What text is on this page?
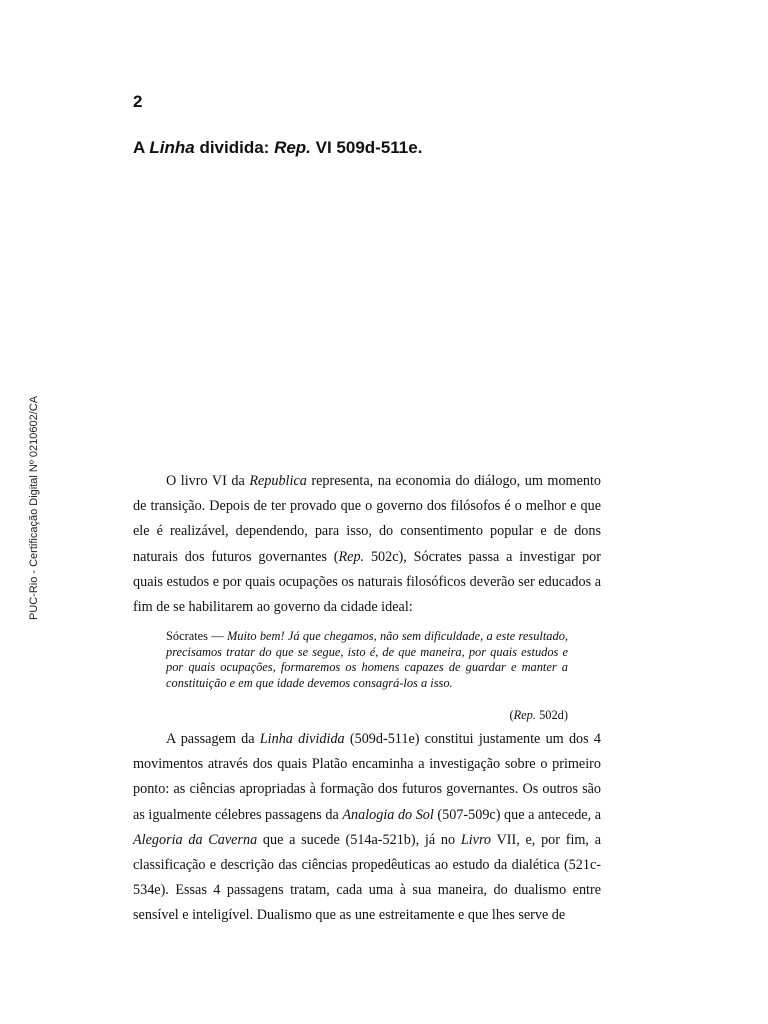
PUC-Rio - Certificação Digital Nº 0210602/CA
2
A Linha dividida: Rep. VI 509d-511e.

O livro VI da Republica representa, na economia do diálogo, um momento de transição. Depois de ter provado que o governo dos filósofos é o melhor e que ele é realizável, dependendo, para isso, do consentimento popular e de dons naturais dos futuros governantes (Rep. 502c), Sócrates passa a investigar por quais estudos e por quais ocupações os naturais filosóficos deverão ser educados a fim de se habilitarem ao governo da cidade ideal:

Sócrates — Muito bem! Já que chegamos, não sem dificuldade, a este resultado, precisamos tratar do que se segue, isto é, de que maneira, por quais estudos e por quais ocupações, formaremos os homens capazes de guardar e manter a constituição e em que idade devemos consagrá-los a isso.

(Rep. 502d)

A passagem da Linha dividida (509d-511e) constitui justamente um dos 4 movimentos através dos quais Platão encaminha a investigação sobre o primeiro ponto: as ciências apropriadas à formação dos futuros governantes. Os outros são as igualmente célebres passagens da Analogia do Sol (507-509c) que a antecede, a Alegoria da Caverna que a sucede (514a-521b), já no Livro VII, e, por fim, a classificação e descrição das ciências propedêuticas ao estudo da dialética (521c-534e). Essas 4 passagens tratam, cada uma à sua maneira, do dualismo entre sensível e inteligível. Dualismo que as une estreitamente e que lhes serve de
